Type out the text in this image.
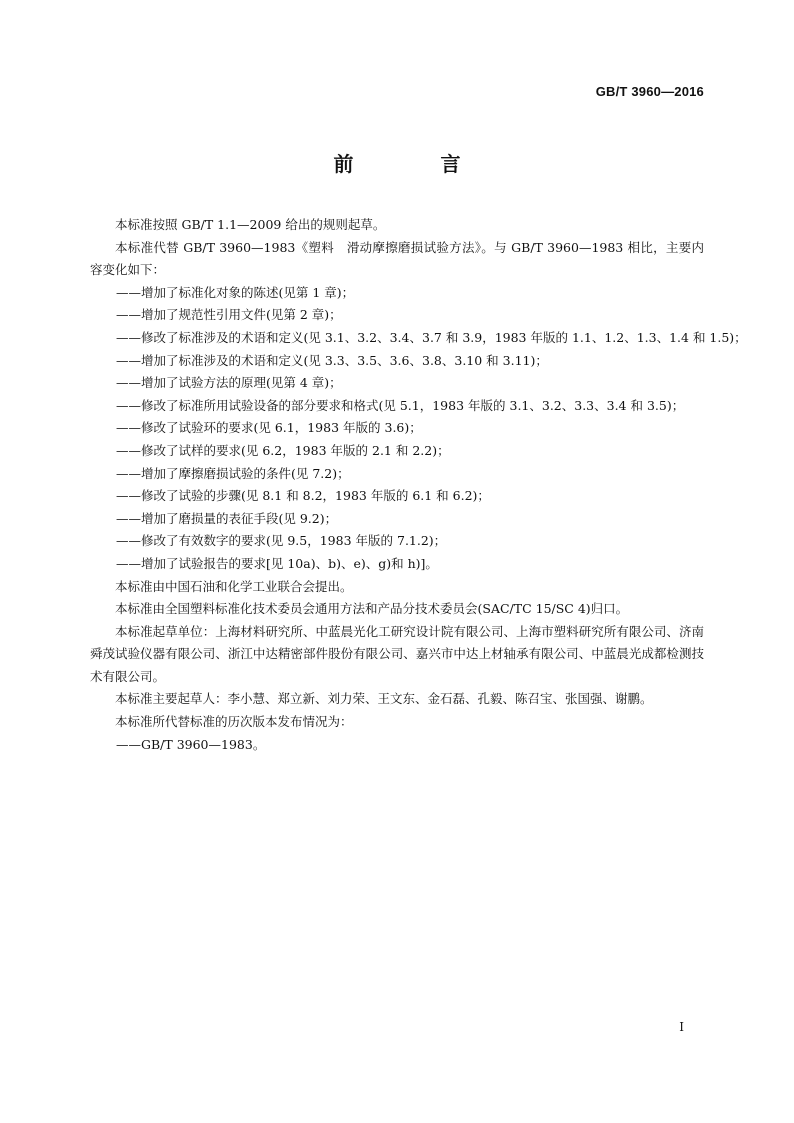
GB/T 3960—2016
前 言

本标准按照 GB/T 1.1—2009 给出的规则起草。

本标准代替 GB/T 3960—1983《塑料　滑动摩擦磨损试验方法》。与 GB/T 3960—1983 相比，主要内容变化如下：

——增加了标准化对象的陈述(见第 1 章)；

——增加了规范性引用文件(见第 2 章)；

——修改了标准涉及的术语和定义(见 3.1、3.2、3.4、3.7 和 3.9，1983 年版的 1.1、1.2、1.3、1.4 和 1.5)；

——增加了标准涉及的术语和定义(见 3.3、3.5、3.6、3.8、3.10 和 3.11)；

——增加了试验方法的原理(见第 4 章)；

——修改了标准所用试验设备的部分要求和格式(见 5.1，1983 年版的 3.1、3.2、3.3、3.4 和 3.5)；

——修改了试验环的要求(见 6.1，1983 年版的 3.6)；

——修改了试样的要求(见 6.2，1983 年版的 2.1 和 2.2)；

——增加了摩擦磨损试验的条件(见 7.2)；

——修改了试验的步骤(见 8.1 和 8.2，1983 年版的 6.1 和 6.2)；

——增加了磨损量的表征手段(见 9.2)；

——修改了有效数字的要求(见 9.5，1983 年版的 7.1.2)；

——增加了试验报告的要求[见 10a)、b)、e)、g)和 h)]。

本标准由中国石油和化学工业联合会提出。

本标准由全国塑料标准化技术委员会通用方法和产品分技术委员会(SAC/TC 15/SC 4)归口。

本标准起草单位：上海材料研究所、中蓝晨光化工研究设计院有限公司、上海市塑料研究所有限公司、济南舜茂试验仪器有限公司、浙江中达精密部件股份有限公司、嘉兴市中达上材轴承有限公司、中蓝晨光成都检测技术有限公司。

本标准主要起草人：李小慧、郑立新、刘力荣、王文东、金石磊、孔毅、陈召宝、张国强、谢鹏。

本标准所代替标准的历次版本发布情况为：

——GB/T 3960—1983。

I
